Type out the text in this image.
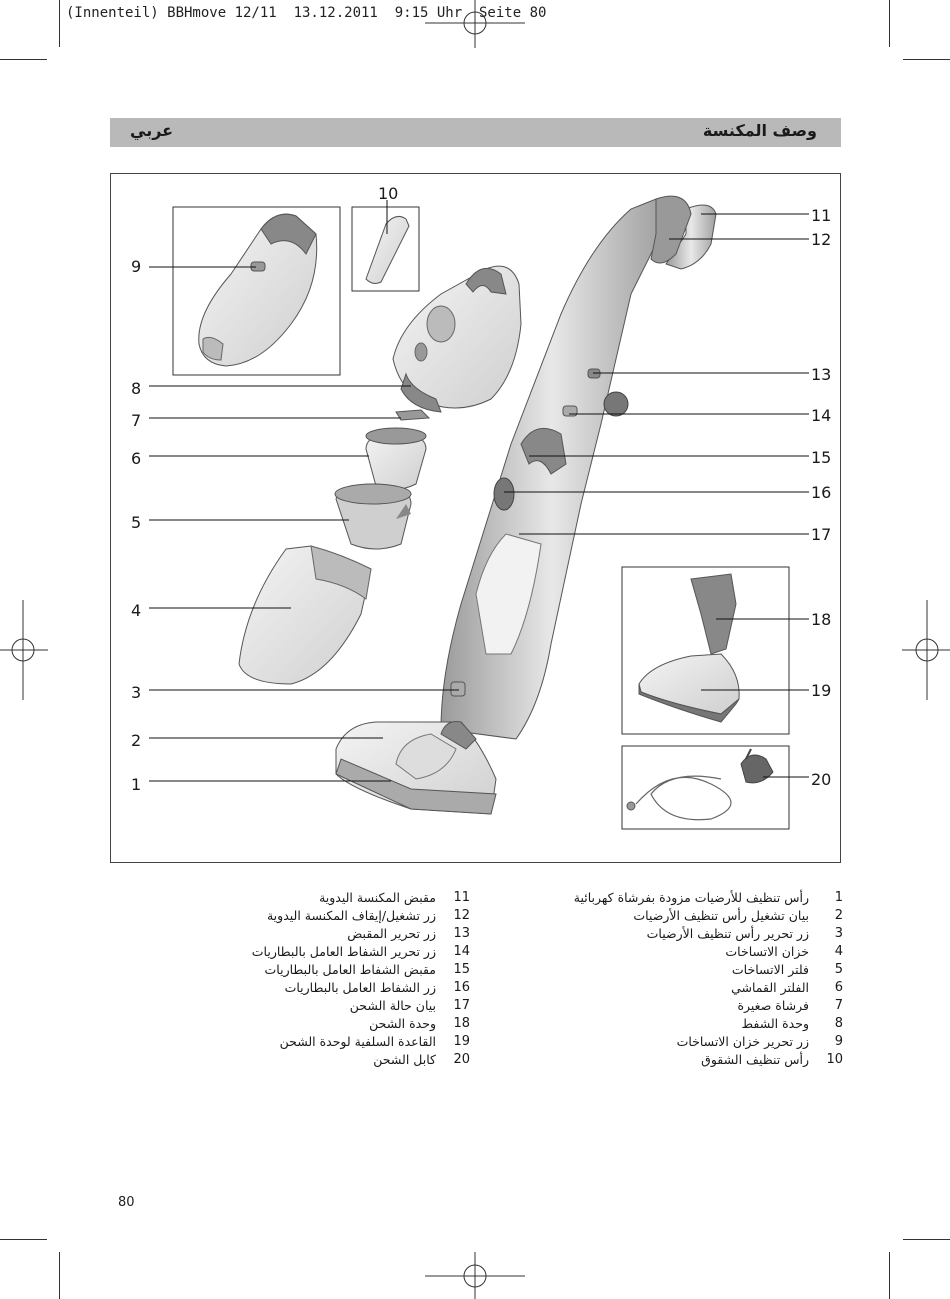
(Innenteil) BBHmove 12/11  13.12.2011  9:15 Uhr  Seite 80
عربي	وصف المكنسة
9
8
7
6
5
4
3
2
1
10
11
12
13
14
15
16
17
18
19
20
1
رأس تنظيف للأرضيات مزودة بفرشاة كهربائية
2
بيان تشغيل رأس تنظيف الأرضيات
3
زر تحرير رأس تنظيف الأرضيات
4
خزان الاتساخات
5
فلتر الاتساخات
6
الفلتر القماشي
7
فرشاة صغيرة
8
وحدة الشفط
9
زر تحرير خزان الاتساخات
10
رأس تنظيف الشقوق
11
مقبض المكنسة اليدوية
12
زر تشغيل/إيقاف المكنسة اليدوية
13
زر تحرير المقبض
14
زر تحرير الشفاط العامل بالبطاريات
15
مقبض الشفاط العامل بالبطاريات
16
زر الشفاط العامل بالبطاريات
17
بيان حالة الشحن
18
وحدة الشحن
19
القاعدة السلفية لوحدة الشحن
20
كابل الشحن
80
